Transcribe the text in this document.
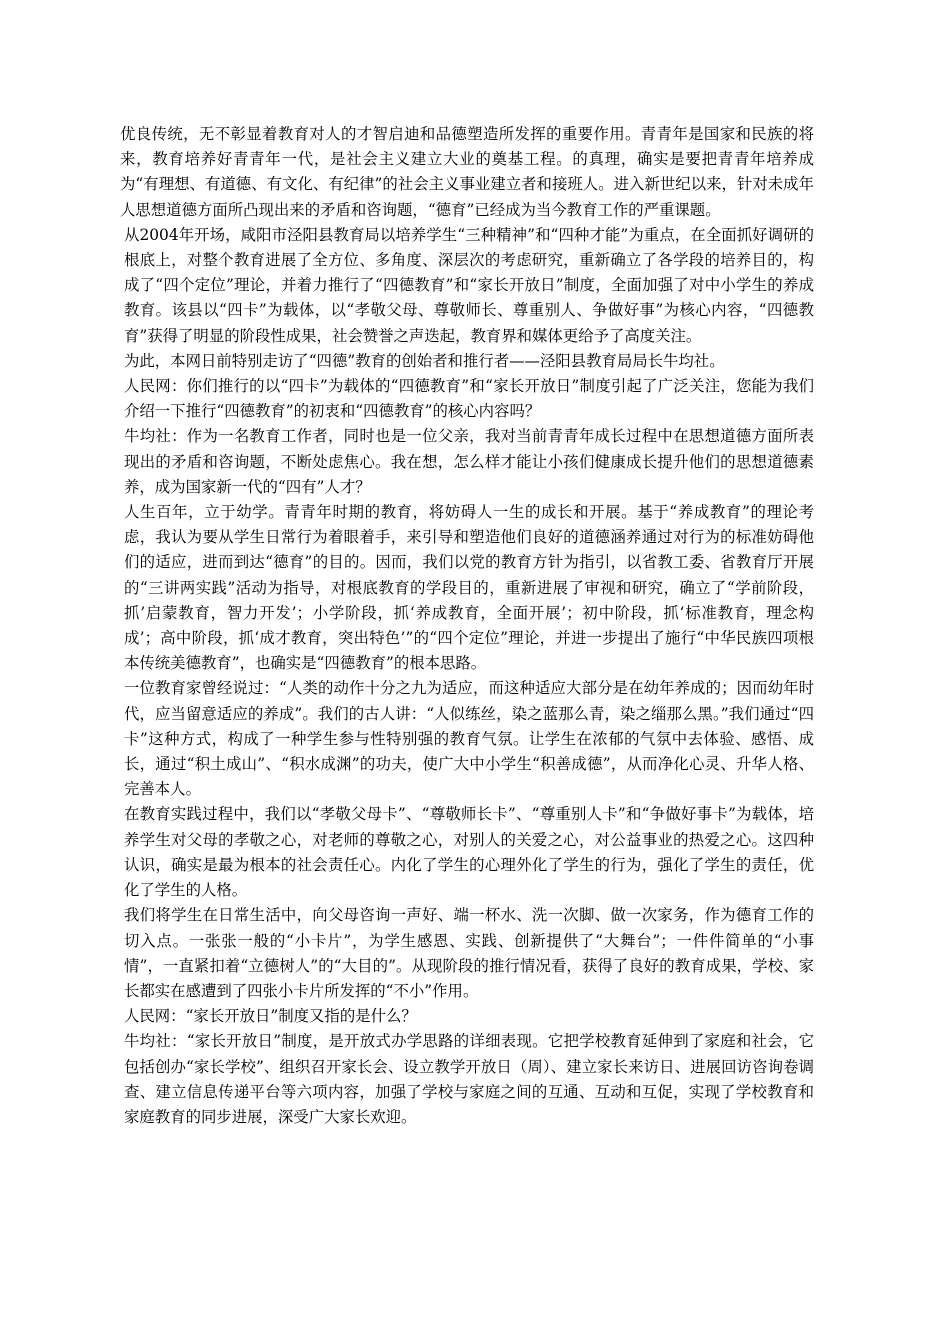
优良传统，无不彰显着教育对人的才智启迪和品德塑造所发挥的重要作用。青青年是国家和民族的将来，教育培养好青青年一代，是社会主义建立大业的奠基工程。的真理，确实是要把青青年培养成为“有理想、有道德、有文化、有纪律”的社会主义事业建立者和接班人。进入新世纪以来，针对未成年人思想道德方面所凸现出来的矛盾和咨询题，“德育”已经成为当今教育工作的严重课题。

从2004年开场，咸阳市泾阳县教育局以培养学生“三种精神”和“四种才能”为重点，在全面抓好调研的根底上，对整个教育进展了全方位、多角度、深层次的考虑研究，重新确立了各学段的培养目的，构成了“四个定位”理论，并着力推行了“四德教育”和“家长开放日”制度，全面加强了对中小学生的养成教育。该县以“四卡”为载体，以“孝敬父母、尊敬师长、尊重别人、争做好事”为核心内容，“四德教育”获得了明显的阶段性成果，社会赞誉之声迭起，教育界和媒体更给予了高度关注。

为此，本网日前特别走访了“四德”教育的创始者和推行者——泾阳县教育局局长牛均社。

人民网：你们推行的以“四卡”为载体的“四德教育”和“家长开放日”制度引起了广泛关注，您能为我们介绍一下推行“四德教育”的初衷和“四德教育”的核心内容吗？

牛均社：作为一名教育工作者，同时也是一位父亲，我对当前青青年成长过程中在思想道德方面所表现出的矛盾和咨询题，不断处虑焦心。我在想，怎么样才能让小孩们健康成长提升他们的思想道德素养，成为国家新一代的“四有”人才？

人生百年，立于幼学。青青年时期的教育，将妨碍人一生的成长和开展。基于“养成教育”的理论考虑，我认为要从学生日常行为着眼着手，来引导和塑造他们良好的道德涵养通过对行为的标准妨碍他们的适应，进而到达“德育”的目的。因而，我们以党的教育方针为指引，以省教工委、省教育厅开展的“三讲两实践”活动为指导，对根底教育的学段目的，重新进展了审视和研究，确立了“学前阶段，抓’启蒙教育，智力开发’；小学阶段，抓‘养成教育，全面开展’；初中阶段，抓‘标准教育，理念构成’；高中阶段，抓‘成才教育，突出特色’”的“四个定位”理论，并进一步提出了施行“中华民族四项根本传统美德教育”，也确实是“四德教育”的根本思路。

一位教育家曾经说过：“人类的动作十分之九为适应，而这种适应大部分是在幼年养成的；因而幼年时代，应当留意适应的养成”。我们的古人讲：“人似练丝，染之蓝那么青，染之缁那么黑。”我们通过“四卡”这种方式，构成了一种学生参与性特别强的教育气氛。让学生在浓郁的气氛中去体验、感悟、成长，通过“积土成山”、“积水成渊”的功夫，使广大中小学生“积善成德”，从而净化心灵、升华人格、完善本人。

在教育实践过程中，我们以“孝敬父母卡”、“尊敬师长卡”、“尊重别人卡”和“争做好事卡”为载体，培养学生对父母的孝敬之心，对老师的尊敬之心，对别人的关爱之心，对公益事业的热爱之心。这四种认识，确实是最为根本的社会责任心。内化了学生的心理外化了学生的行为，强化了学生的责任，优化了学生的人格。

我们将学生在日常生活中，向父母咨询一声好、端一杯水、洗一次脚、做一次家务，作为德育工作的切入点。一张张一般的“小卡片”，为学生感恩、实践、创新提供了“大舞台”；一件件简单的“小事情”，一直紧扣着“立德树人”的“大目的”。从现阶段的推行情况看，获得了良好的教育成果，学校、家长都实在感遭到了四张小卡片所发挥的“不小”作用。

人民网：“家长开放日”制度又指的是什么？

牛均社：“家长开放日”制度，是开放式办学思路的详细表现。它把学校教育延伸到了家庭和社会，它包括创办“家长学校”、组织召开家长会、设立教学开放日（周）、建立家长来访日、进展回访咨询卷调查、建立信息传递平台等六项内容，加强了学校与家庭之间的互通、互动和互促，实现了学校教育和家庭教育的同步进展，深受广大家长欢迎。
